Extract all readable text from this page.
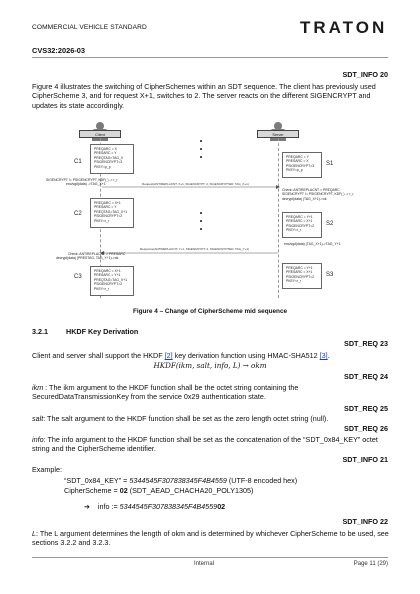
COMMERCIAL VEHICLE STANDARD	TRATON
CVS32:2026-03
SDT_INFO 20
Figure 4 illustrates the switching of CipherSchemes within an SDT sequence. The client has previously used CipherScheme 3, and for request X+1, switches to 2. The server reacts on the different SIGENCRYPT and updates its state accordingly.
Client	Server
C1
PREQARC = X
PRESARC = Y
PREQTAG=TAG_X
PSIGENCRYPT=3
PKEY=p_p
PREQARC = Y
PRESARC = X
PSIGENCRYPT=3
PKEY=p_p
S1
SIGENCRYPT != PSIGENCRYPT, KDF( ) -> r_r
enc/sgd(data) ->TAG_X+1	Request(ANTIREPLACNT: X+1, SIGENCRYPT: 2, SIGENCRYPTED: TAG_X+1)
Check: ANTIREPLACNT > PREQARC
SIGENCRYPT != PSIGENCRYPT, KDF( ) -> r_r
decrypt(data) (TAG_X+1)->ok
C2
PREQARC = X+1
PRESARC = Y
PREQTAG=TAG_X+1
PSIGENCRYPT=2
PKEY=r_r
PREQARC = Y+1
PRESARC = X+1
PSIGENCRYPT=2
PKEY=r_r
S2
enc/sgd(data) (TAG_X+1)->TAG_Y+1
Response(ANTIREPLACNT: Y+1, SIGENCRYPT: 2, SIGENCRYPTED: TAG_Y+1)
Check: ANTIREPLACNT > PRESARC
decrypt(data) (PRESTAG, TAG_Y+1)->ok
C3
PREQARC = X+1
PRESARC = Y+1
PREQTAG=TAG_X+1
PSIGENCRYPT=2
PKEY=r_r
PREQARC = Y+1
PRESARC = X+1
PSIGENCRYPT=2
PKEY=r_r
S3
Figure 4 – Change of CipherScheme mid sequence
3.2.1	HKDF Key Derivation
SDT_REQ 23
Client and server shall support the HKDF [2] key derivation function using HMAC-SHA512 [3].
HKDF(ikm, salt, info, L) → okm
SDT_REQ 24
ikm : The ikm argument to the HKDF function shall be the octet string containing the SecuredDataTransmissionKey from the service 0x29 authentication state.
SDT_REQ 25
salt: The salt argument to the HKDF function shall be set as the zero length octet string (null).
SDT_REQ 26
info: The info argument to the HKDF function shall be set as the concatenation of the “SDT_0x84_KEY” octet string and the CipherScheme identifier.
SDT_INFO 21
Example:
“SDT_0x84_KEY” = 5344545F307838345F4B4559 (UTF-8 encoded hex)
CipherScheme = 02 (SDT_AEAD_CHACHA20_POLY1305)
➔ info := 5344545F307838345F4B455902
SDT_INFO 22
L: The L argument determines the length of okm and is determined by whichever CipherScheme to be used, see sections 3.2.2 and 3.2.3.
Internal	Page 11 (29)
